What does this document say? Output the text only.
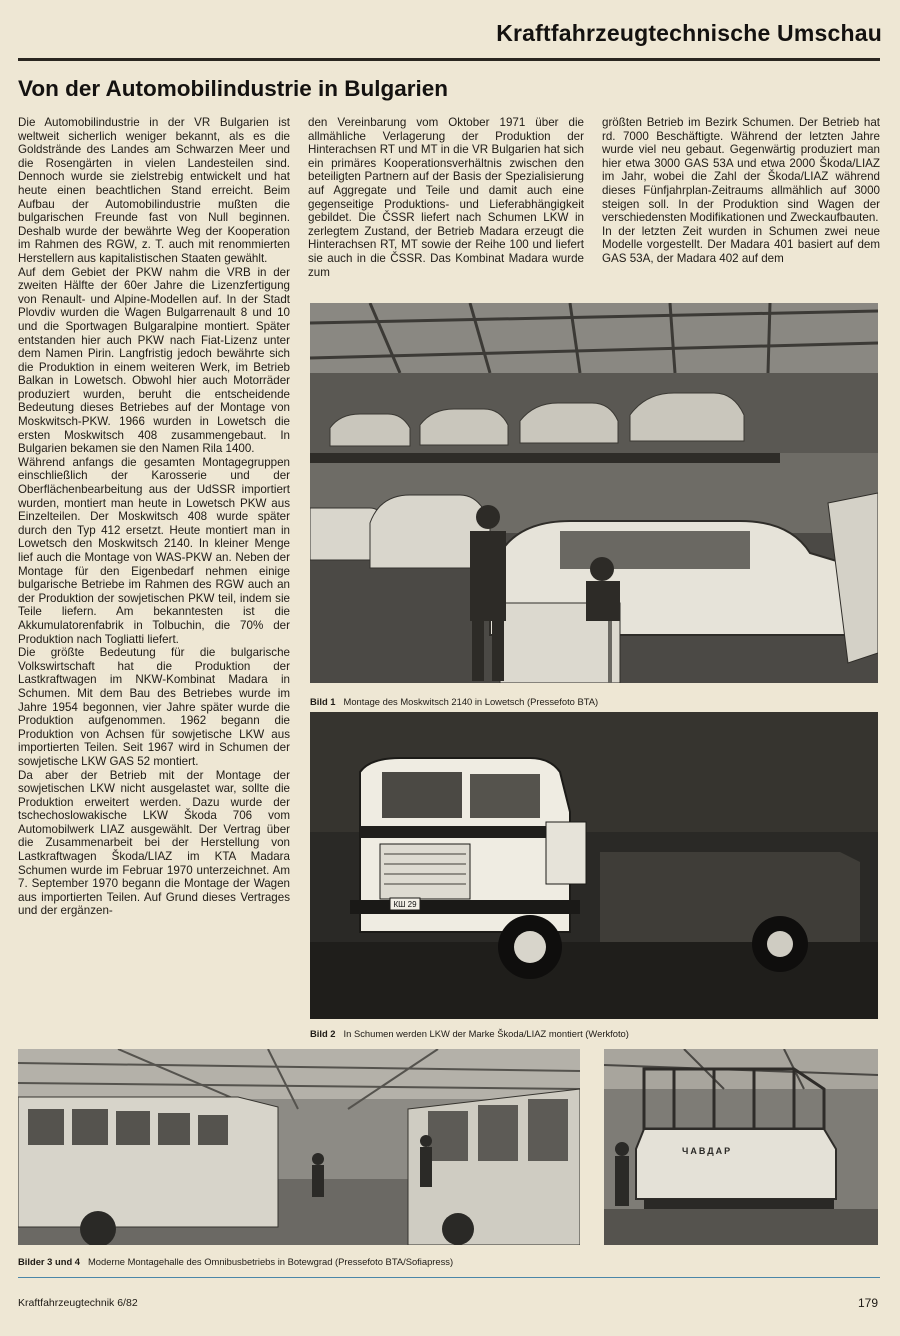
Kraftfahrzeugtechnische Umschau
Von der Automobilindustrie in Bulgarien

Die Automobilindustrie in der VR Bulgarien ist weltweit sicherlich weniger bekannt, als es die Goldstrände des Landes am Schwarzen Meer und die Rosengärten in vielen Landesteilen sind. Dennoch wurde sie zielstrebig entwickelt und hat heute einen beachtlichen Stand erreicht. Beim Aufbau der Automobilindustrie mußten die bulgarischen Freunde fast von Null beginnen. Deshalb wurde der bewährte Weg der Kooperation im Rahmen des RGW, z. T. auch mit renommierten Herstellern aus kapitalistischen Staaten gewählt.

Auf dem Gebiet der PKW nahm die VRB in der zweiten Hälfte der 60er Jahre die Lizenzfertigung von Renault- und Alpine-Modellen auf. In der Stadt Plovdiv wurden die Wagen Bulgarrenault 8 und 10 und die Sportwagen Bulgaralpine montiert. Später entstanden hier auch PKW nach Fiat-Lizenz unter dem Namen Pirin. Langfristig jedoch bewährte sich die Produktion in einem weiteren Werk, im Betrieb Balkan in Lowetsch. Obwohl hier auch Motorräder produziert wurden, beruht die entscheidende Bedeutung dieses Betriebes auf der Montage von Moskwitsch-PKW. 1966 wurden in Lowetsch die ersten Moskwitsch 408 zusammengebaut. In Bulgarien bekamen sie den Namen Rila 1400.

Während anfangs die gesamten Montagegruppen einschließlich der Karosserie und der Oberflächenbearbeitung aus der UdSSR importiert wurden, montiert man heute in Lowetsch PKW aus Einzelteilen. Der Moskwitsch 408 wurde später durch den Typ 412 ersetzt. Heute montiert man in Lowetsch den Moskwitsch 2140. In kleiner Menge lief auch die Montage von WAS-PKW an. Neben der Montage für den Eigenbedarf nehmen einige bulgarische Betriebe im Rahmen des RGW auch an der Produktion der sowjetischen PKW teil, indem sie Teile liefern. Am bekanntesten ist die Akkumulatorenfabrik in Tolbuchin, die 70% der Produktion nach Togliatti liefert.

Die größte Bedeutung für die bulgarische Volkswirtschaft hat die Produktion der Lastkraftwagen im NKW-Kombinat Madara in Schumen. Mit dem Bau des Betriebes wurde im Jahre 1954 begonnen, vier Jahre später wurde die Produktion aufgenommen. 1962 begann die Produktion von Achsen für sowjetische LKW aus importierten Teilen. Seit 1967 wird in Schumen der sowjetische LKW GAS 52 montiert.

Da aber der Betrieb mit der Montage der sowjetischen LKW nicht ausgelastet war, sollte die Produktion erweitert werden. Dazu wurde der tschechoslowakische LKW Škoda 706 vom Automobilwerk LIAZ ausgewählt. Der Vertrag über die Zusammenarbeit bei der Herstellung von Lastkraftwagen Škoda/LIAZ im KTA Madara Schumen wurde im Februar 1970 unterzeichnet. Am 7. September 1970 begann die Montage der Wagen aus importierten Teilen. Auf Grund dieses Vertrages und der ergänzen-

den Vereinbarung vom Oktober 1971 über die allmähliche Verlagerung der Produktion der Hinterachsen RT und MT in die VR Bulgarien hat sich ein primäres Kooperationsverhältnis zwischen den beteiligten Partnern auf der Basis der Spezialisierung auf Aggregate und Teile und damit auch eine gegenseitige Produktions- und Lieferabhängigkeit gebildet. Die ČSSR liefert nach Schumen LKW in zerlegtem Zustand, der Betrieb Madara erzeugt die Hinterachsen RT, MT sowie der Reihe 100 und liefert sie auch in die ČSSR. Das Kombinat Madara wurde zum

größten Betrieb im Bezirk Schumen. Der Betrieb hat rd. 7000 Beschäftigte. Während der letzten Jahre wurde viel neu gebaut. Gegenwärtig produziert man hier etwa 3000 GAS 53A und etwa 2000 Škoda/LIAZ im Jahr, wobei die Zahl der Škoda/LIAZ während dieses Fünfjahrplan-Zeitraums allmählich auf 3000 steigen soll. In der Produktion sind Wagen der verschiedensten Modifikationen und Zweckaufbauten.

In der letzten Zeit wurden in Schumen zwei neue Modelle vorgestellt. Der Madara 401 basiert auf dem GAS 53A, der Madara 402 auf dem

Bild 1 Montage des Moskwitsch 2140 in Lowetsch (Pressefoto BTA)
КШ 29
Bild 2 In Schumen werden LKW der Marke Škoda/LIAZ montiert (Werkfoto)
ЧАВДАР
Bilder 3 und 4 Moderne Montagehalle des Omnibusbetriebs in Botewgrad (Pressefoto BTA/Sofiapress)
Kraftfahrzeugtechnik 6/82	179
